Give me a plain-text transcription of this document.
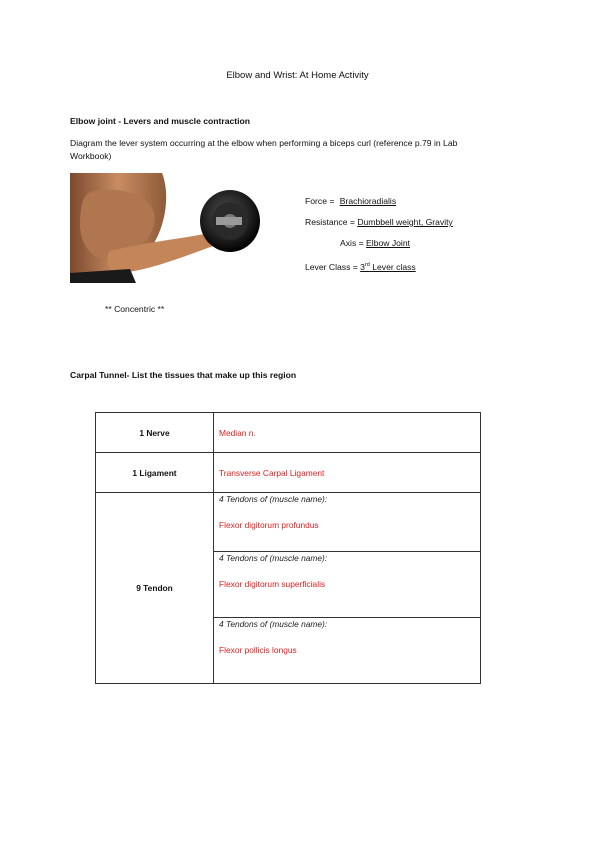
Elbow and Wrist: At Home Activity
Elbow joint - Levers and muscle contraction
Diagram the lever system occurring at the elbow when performing a biceps curl (reference p.79 in Lab
Workbook)
Force = Brachioradialis
Resistance = Dumbbell weight, Gravity
Axis = Elbow Joint
Lever Class = 3rd Lever class
** Concentric **
Carpal Tunnel- List the tissues that make up this region
1 Nerve	Median n.
1 Ligament	Transverse Carpal Ligament
9 Tendon	4 Tendons of (muscle name):
Flexor digitorum profundus

	4 Tendons of (muscle name):
Flexor digitorum superficialis

	4 Tendons of (muscle name):
Flexor pollicis longus
